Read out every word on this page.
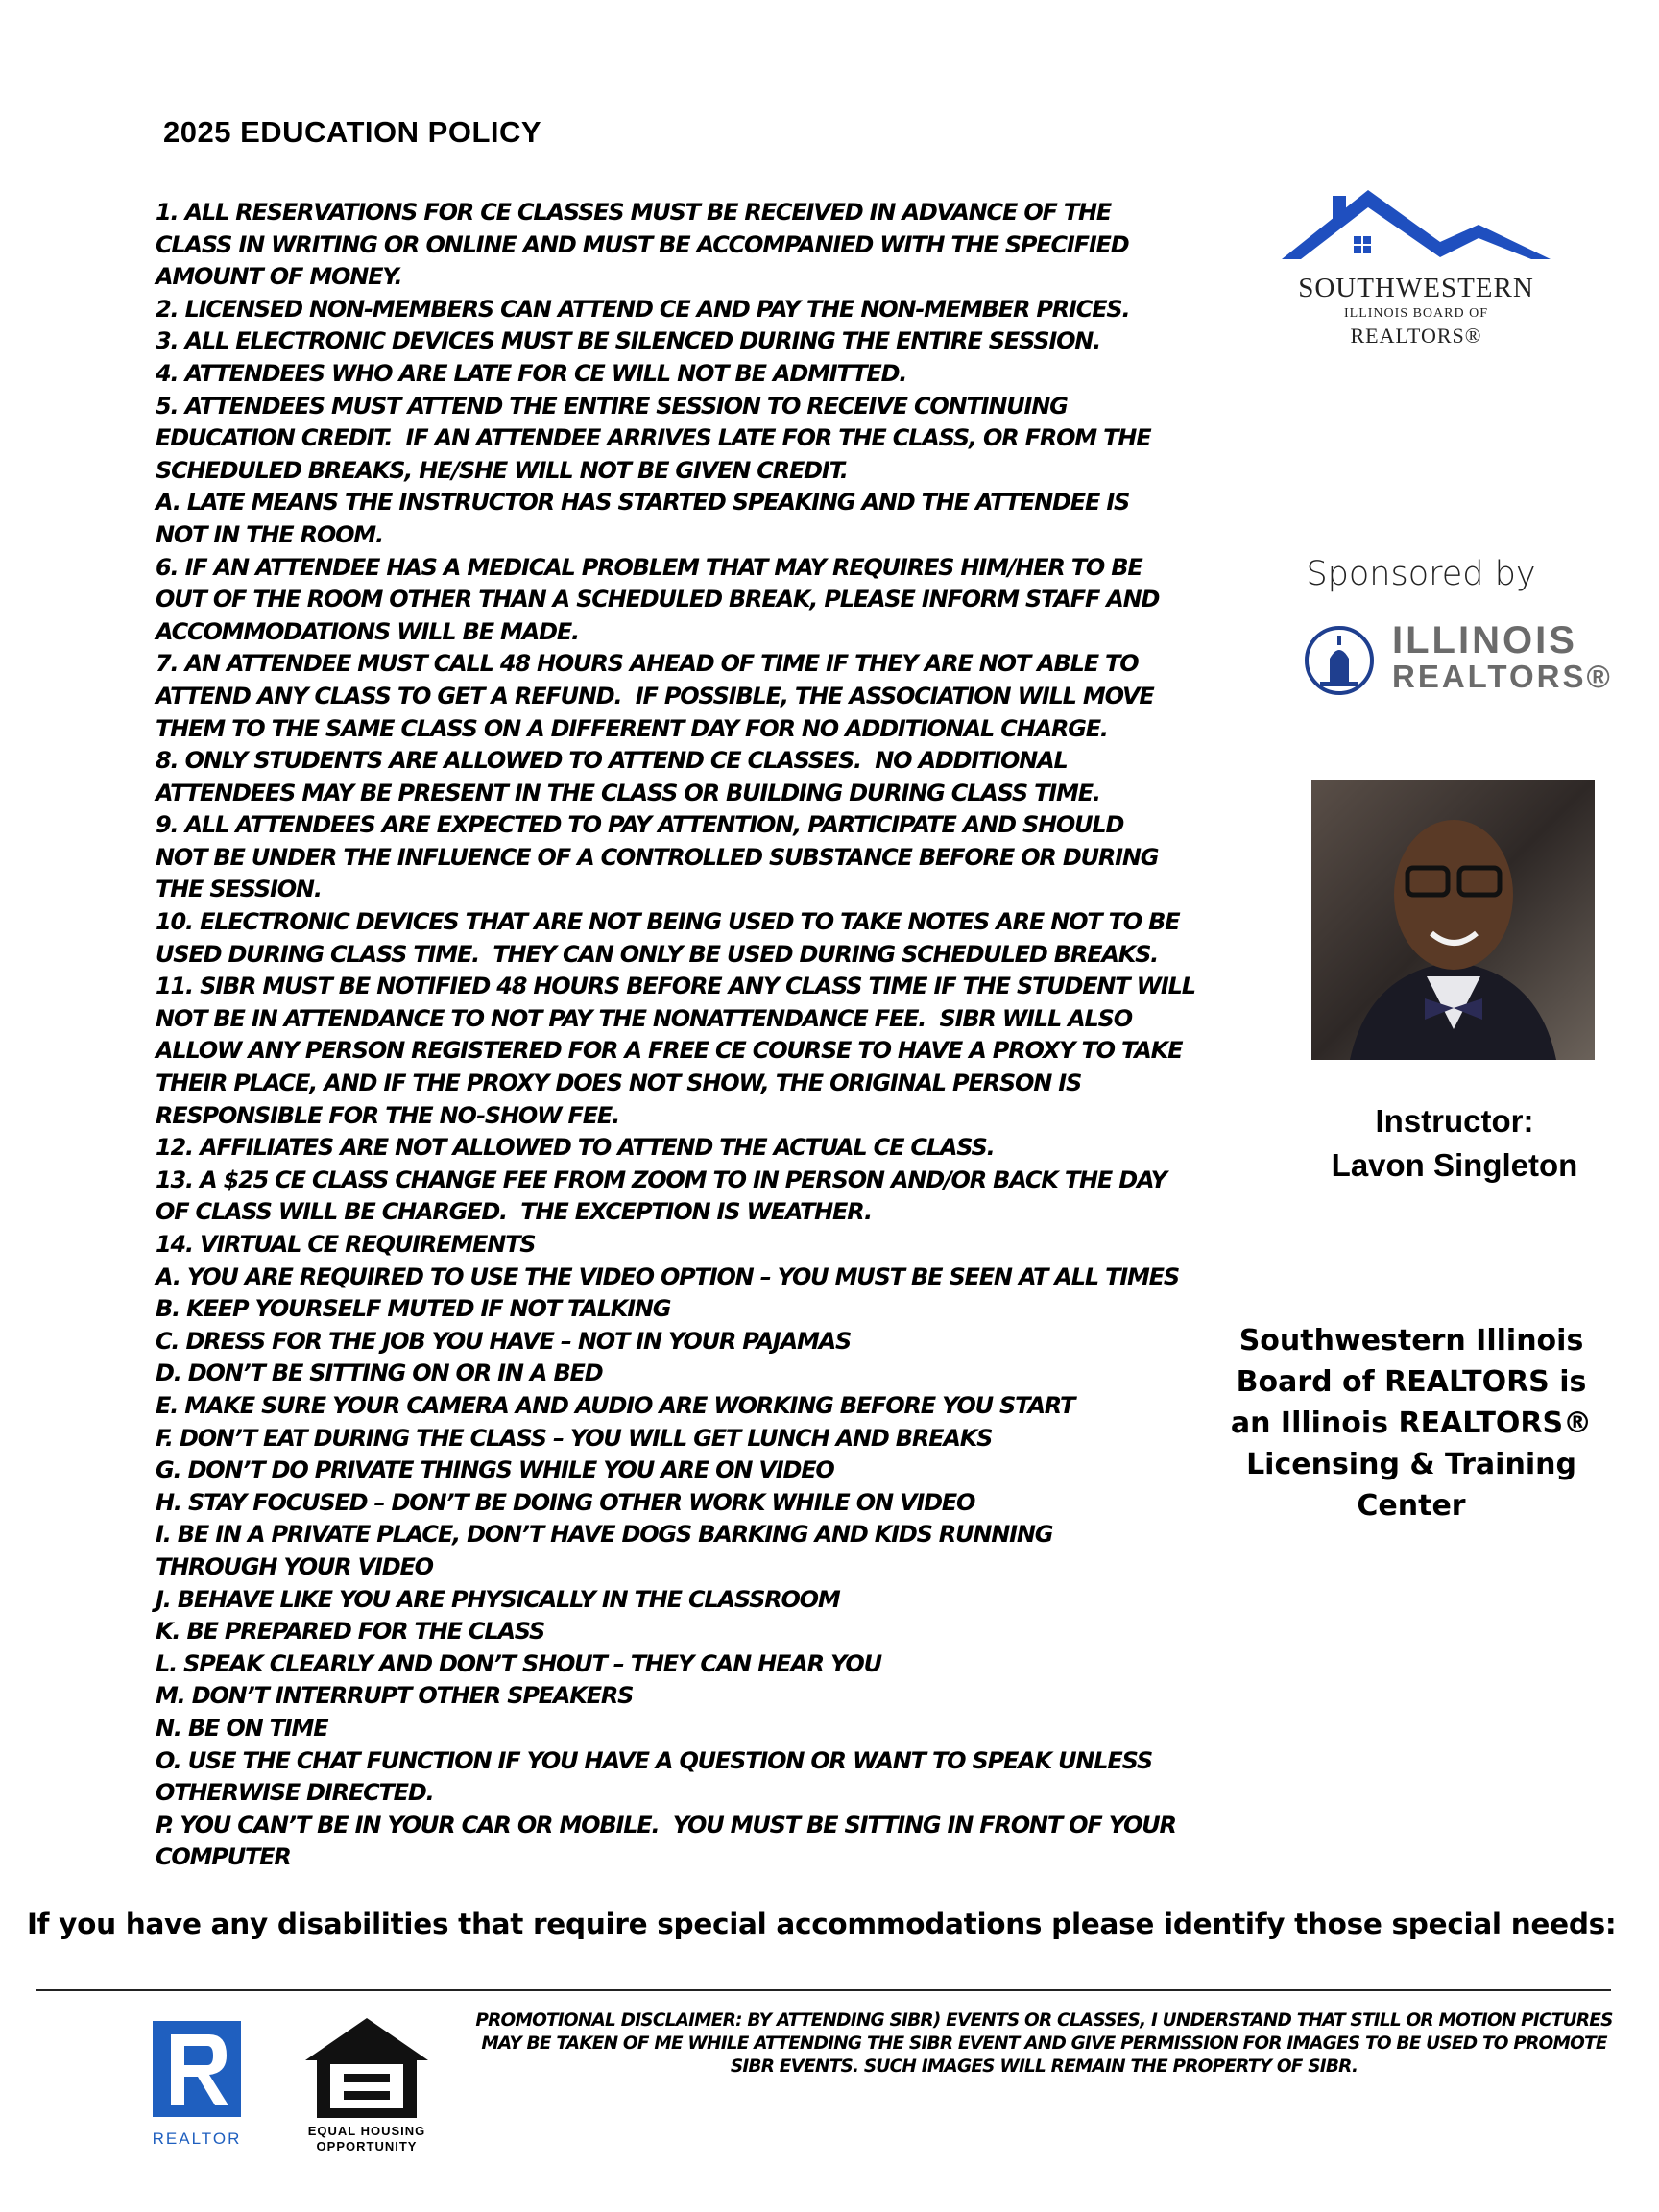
2025 EDUCATION POLICY
1. ALL RESERVATIONS FOR CE CLASSES MUST BE RECEIVED IN ADVANCE OF THE
CLASS IN WRITING OR ONLINE AND MUST BE ACCOMPANIED WITH THE SPECIFIED
AMOUNT OF MONEY.
2. LICENSED NON-MEMBERS CAN ATTEND CE AND PAY THE NON-MEMBER PRICES.
3. ALL ELECTRONIC DEVICES MUST BE SILENCED DURING THE ENTIRE SESSION.
4. ATTENDEES WHO ARE LATE FOR CE WILL NOT BE ADMITTED.
5. ATTENDEES MUST ATTEND THE ENTIRE SESSION TO RECEIVE CONTINUING
EDUCATION CREDIT.  IF AN ATTENDEE ARRIVES LATE FOR THE CLASS, OR FROM THE
SCHEDULED BREAKS, HE/SHE WILL NOT BE GIVEN CREDIT.
A. LATE MEANS THE INSTRUCTOR HAS STARTED SPEAKING AND THE ATTENDEE IS
NOT IN THE ROOM.
6. IF AN ATTENDEE HAS A MEDICAL PROBLEM THAT MAY REQUIRES HIM/HER TO BE
OUT OF THE ROOM OTHER THAN A SCHEDULED BREAK, PLEASE INFORM STAFF AND
ACCOMMODATIONS WILL BE MADE.
7. AN ATTENDEE MUST CALL 48 HOURS AHEAD OF TIME IF THEY ARE NOT ABLE TO
ATTEND ANY CLASS TO GET A REFUND.  IF POSSIBLE, THE ASSOCIATION WILL MOVE
THEM TO THE SAME CLASS ON A DIFFERENT DAY FOR NO ADDITIONAL CHARGE.
8. ONLY STUDENTS ARE ALLOWED TO ATTEND CE CLASSES.  NO ADDITIONAL
ATTENDEES MAY BE PRESENT IN THE CLASS OR BUILDING DURING CLASS TIME.
9. ALL ATTENDEES ARE EXPECTED TO PAY ATTENTION, PARTICIPATE AND SHOULD
NOT BE UNDER THE INFLUENCE OF A CONTROLLED SUBSTANCE BEFORE OR DURING
THE SESSION.
10. ELECTRONIC DEVICES THAT ARE NOT BEING USED TO TAKE NOTES ARE NOT TO BE
USED DURING CLASS TIME.  THEY CAN ONLY BE USED DURING SCHEDULED BREAKS.
11. SIBR MUST BE NOTIFIED 48 HOURS BEFORE ANY CLASS TIME IF THE STUDENT WILL
NOT BE IN ATTENDANCE TO NOT PAY THE NONATTENDANCE FEE.  SIBR WILL ALSO
ALLOW ANY PERSON REGISTERED FOR A FREE CE COURSE TO HAVE A PROXY TO TAKE
THEIR PLACE, AND IF THE PROXY DOES NOT SHOW, THE ORIGINAL PERSON IS
RESPONSIBLE FOR THE NO-SHOW FEE.
12. AFFILIATES ARE NOT ALLOWED TO ATTEND THE ACTUAL CE CLASS.
13. A $25 CE CLASS CHANGE FEE FROM ZOOM TO IN PERSON AND/OR BACK THE DAY
OF CLASS WILL BE CHARGED.  THE EXCEPTION IS WEATHER.
14. VIRTUAL CE REQUIREMENTS
A. YOU ARE REQUIRED TO USE THE VIDEO OPTION – YOU MUST BE SEEN AT ALL TIMES
B. KEEP YOURSELF MUTED IF NOT TALKING
C. DRESS FOR THE JOB YOU HAVE – NOT IN YOUR PAJAMAS
D. DON’T BE SITTING ON OR IN A BED
E. MAKE SURE YOUR CAMERA AND AUDIO ARE WORKING BEFORE YOU START
F. DON’T EAT DURING THE CLASS – YOU WILL GET LUNCH AND BREAKS
G. DON’T DO PRIVATE THINGS WHILE YOU ARE ON VIDEO
H. STAY FOCUSED – DON’T BE DOING OTHER WORK WHILE ON VIDEO
I. BE IN A PRIVATE PLACE, DON’T HAVE DOGS BARKING AND KIDS RUNNING
THROUGH YOUR VIDEO
J. BEHAVE LIKE YOU ARE PHYSICALLY IN THE CLASSROOM
K. BE PREPARED FOR THE CLASS
L. SPEAK CLEARLY AND DON’T SHOUT – THEY CAN HEAR YOU
M. DON’T INTERRUPT OTHER SPEAKERS
N. BE ON TIME
O. USE THE CHAT FUNCTION IF YOU HAVE A QUESTION OR WANT TO SPEAK UNLESS
OTHERWISE DIRECTED.
P. YOU CAN’T BE IN YOUR CAR OR MOBILE.  YOU MUST BE SITTING IN FRONT OF YOUR
COMPUTER
SOUTHWESTERN
ILLINOIS BOARD OF
REALTORS®
Sponsored by
ILLINOIS
REALTORS®
Instructor:
Lavon Singleton
Southwestern Illinois
Board of REALTORS is
an Illinois REALTORS®
Licensing & Training
Center
If you have any disabilities that require special accommodations please identify those special needs:
REALTOR	EQUAL HOUSING
OPPORTUNITY
PROMOTIONAL DISCLAIMER: BY ATTENDING SIBR) EVENTS OR CLASSES, I UNDERSTAND THAT STILL OR MOTION PICTURES
MAY BE TAKEN OF ME WHILE ATTENDING THE SIBR EVENT AND GIVE PERMISSION FOR IMAGES TO BE USED TO PROMOTE
SIBR EVENTS. SUCH IMAGES WILL REMAIN THE PROPERTY OF SIBR.
